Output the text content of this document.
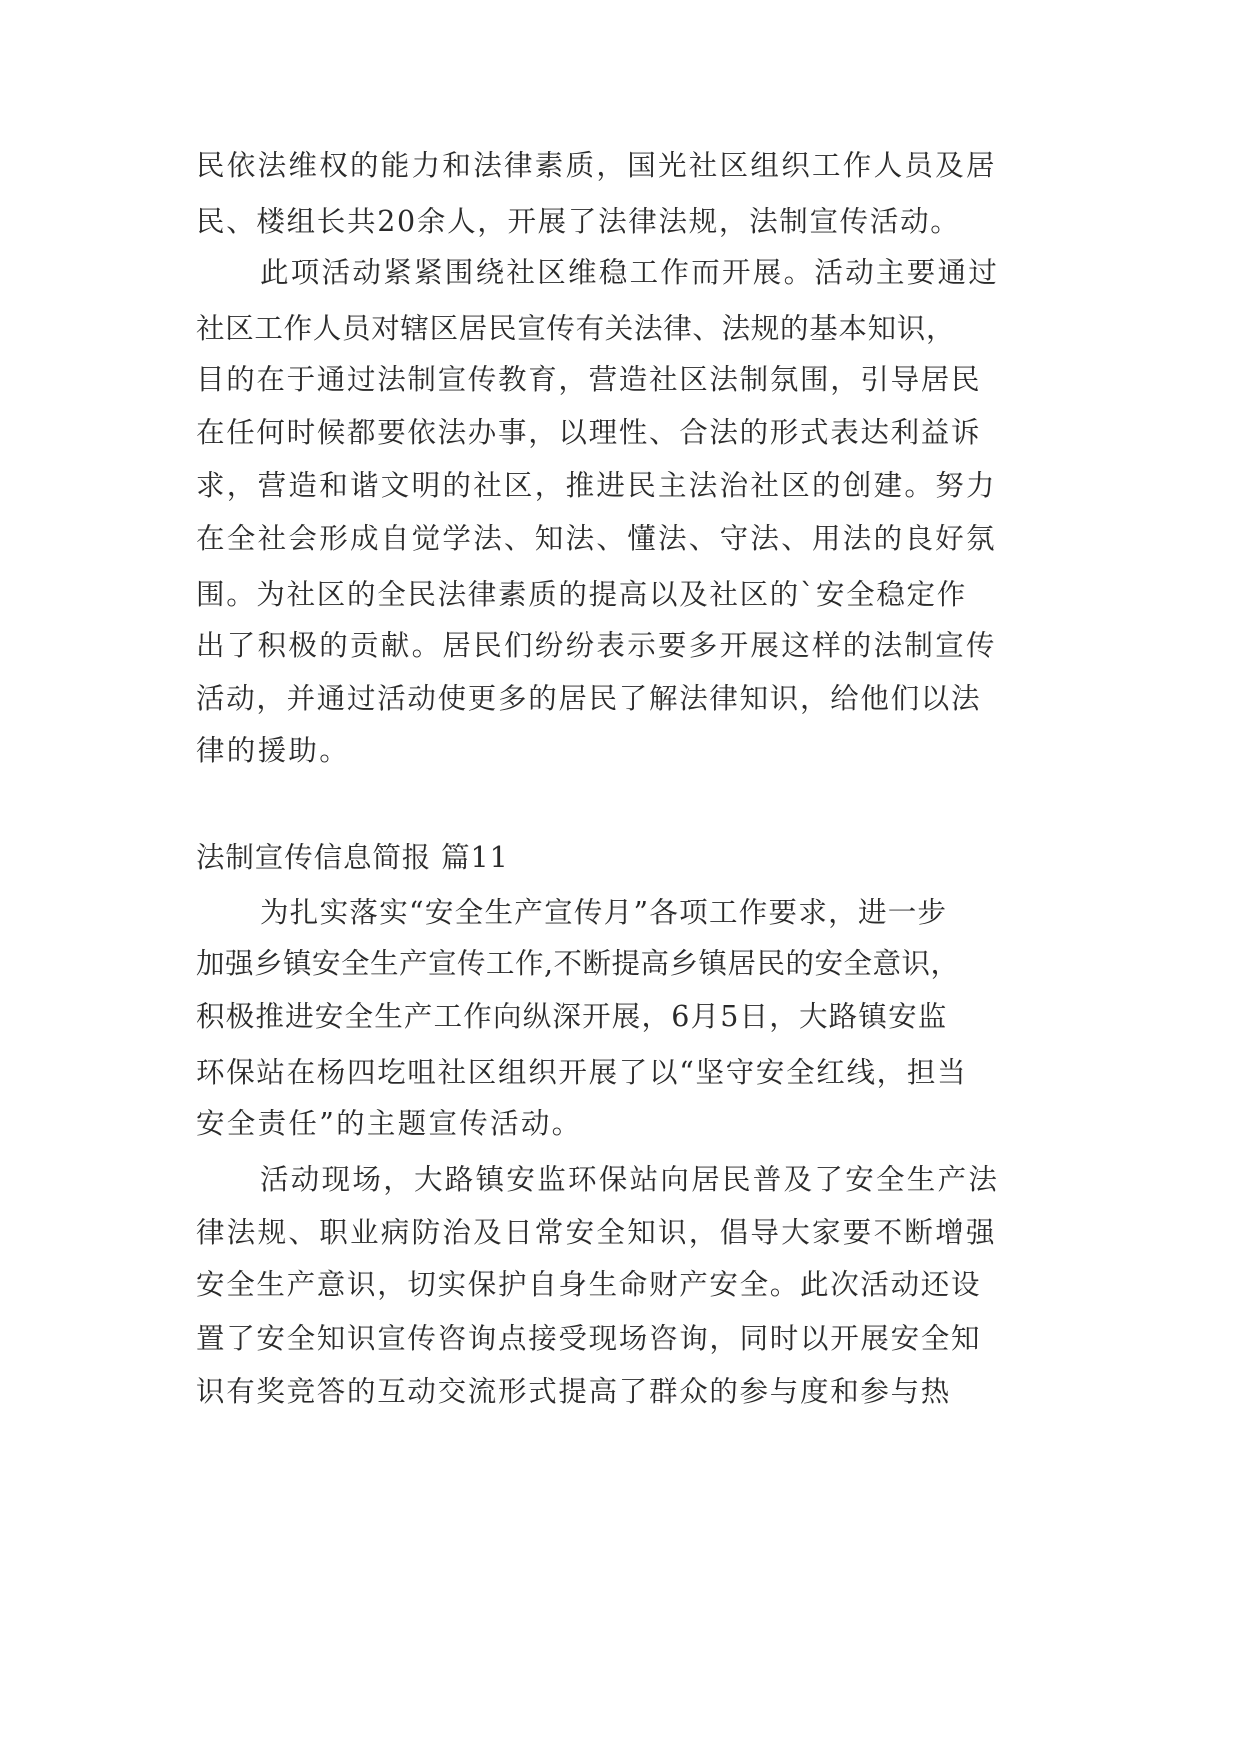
民依法维权的能力和法律素质，国光社区组织工作人员及居
民、楼组长共20余人，开展了法律法规，法制宣传活动。
此项活动紧紧围绕社区维稳工作而开展。活动主要通过
社区工作人员对辖区居民宣传有关法律、法规的基本知识，
目的在于通过法制宣传教育，营造社区法制氛围，引导居民
在任何时候都要依法办事，以理性、合法的形式表达利益诉
求，营造和谐文明的社区，推进民主法治社区的创建。努力
在全社会形成自觉学法、知法、懂法、守法、用法的良好氛
围。为社区的全民法律素质的提高以及社区的`安全稳定作
出了积极的贡献。居民们纷纷表示要多开展这样的法制宣传
活动，并通过活动使更多的居民了解法律知识，给他们以法
律的援助。
法制宣传信息简报 篇11
为扎实落实“安全生产宣传月”各项工作要求，进一步
加强乡镇安全生产宣传工作,不断提高乡镇居民的安全意识，
积极推进安全生产工作向纵深开展，6月5日，大路镇安监
环保站在杨四圪咀社区组织开展了以“坚守安全红线，担当
安全责任”的主题宣传活动。
活动现场，大路镇安监环保站向居民普及了安全生产法
律法规、职业病防治及日常安全知识，倡导大家要不断增强
安全生产意识，切实保护自身生命财产安全。此次活动还设
置了安全知识宣传咨询点接受现场咨询，同时以开展安全知
识有奖竞答的互动交流形式提高了群众的参与度和参与热
